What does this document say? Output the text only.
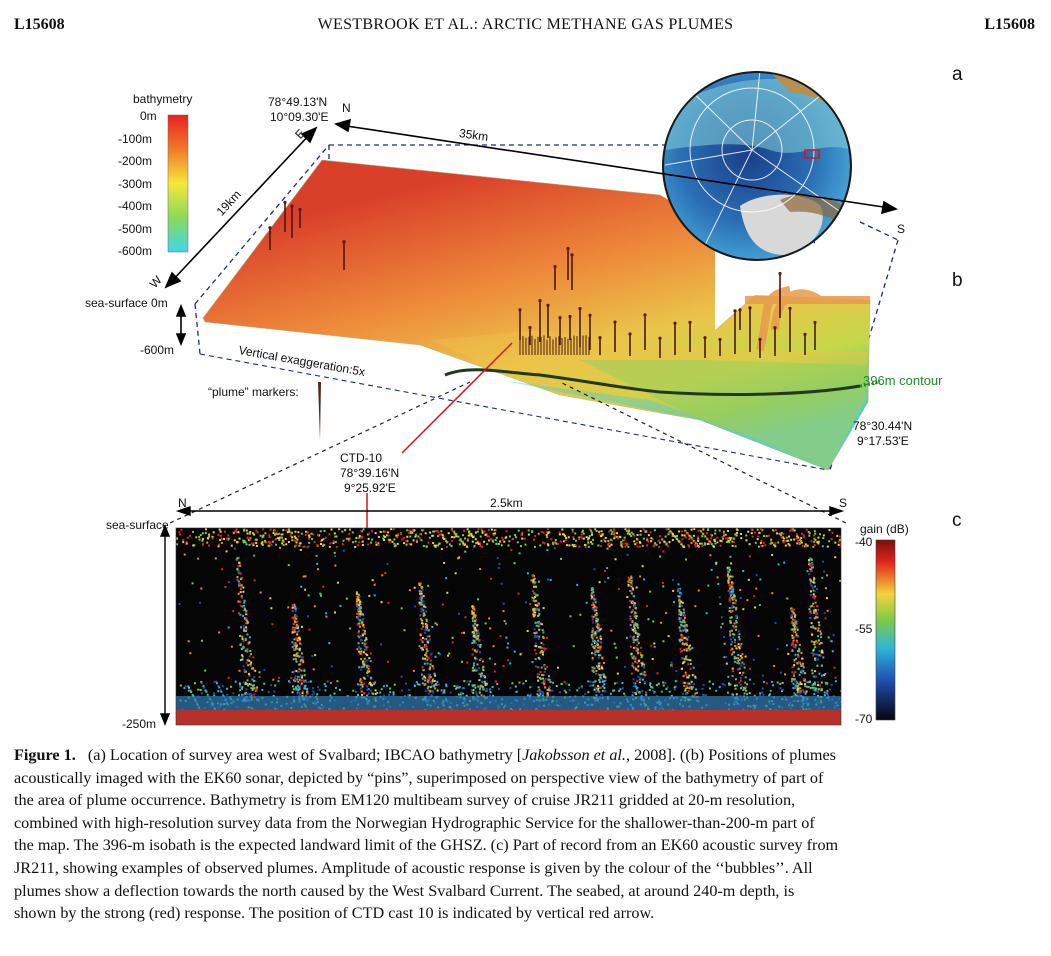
L15608	WESTBROOK ET AL.: ARCTIC METHANE GAS PLUMES	L15608
a
b
c
bathymetry
0m
-100m
-200m
-300m
-400m
-500m
-600m
78°49.13'N
10°09.30'E
N
E
W
S
35km
19km
sea-surface 0m
-600m	Vertical exaggeration:5x
“plume” markers:
396m contour
78°30.44'N
9°17.53'E
CTD-10
78°39.16'N
9°25.92'E
N	S
2.5km
sea-surface
-250m
gain (dB)
-40
-55
-70
Figure 1. (a) Location of survey area west of Svalbard; IBCAO bathymetry [Jakobsson et al., 2008]. ((b) Positions of plumes
acoustically imaged with the EK60 sonar, depicted by “pins”, superimposed on perspective view of the bathymetry of part of
the area of plume occurrence. Bathymetry is from EM120 multibeam survey of cruise JR211 gridded at 20-m resolution,
combined with high-resolution survey data from the Norwegian Hydrographic Service for the shallower-than-200-m part of
the map. The 396-m isobath is the expected landward limit of the GHSZ. (c) Part of record from an EK60 acoustic survey from
JR211, showing examples of observed plumes. Amplitude of acoustic response is given by the colour of the ‘‘bubbles’’. All
plumes show a deflection towards the north caused by the West Svalbard Current. The seabed, at around 240-m depth, is
shown by the strong (red) response. The position of CTD cast 10 is indicated by vertical red arrow.
